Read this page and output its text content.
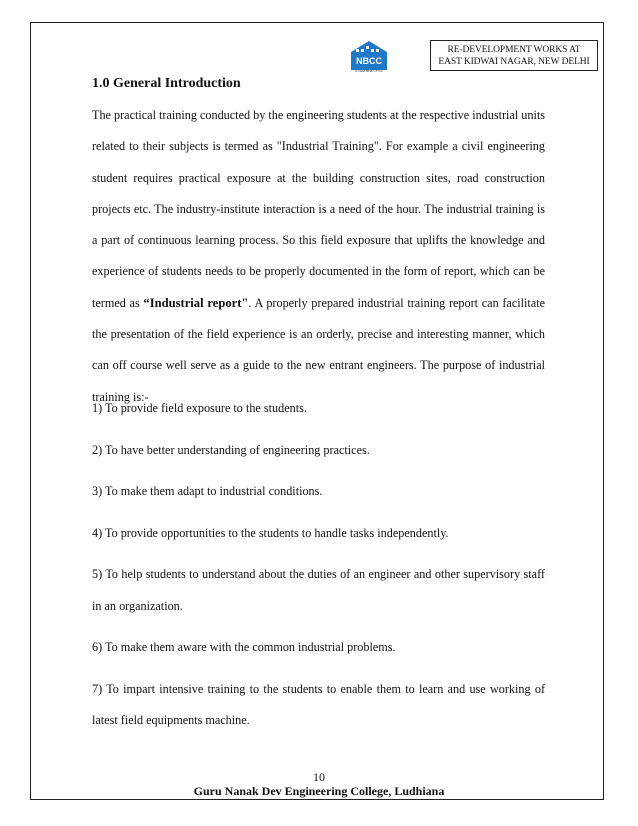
NBCC
A Navratna CPSE
RE-DEVELOPMENT WORKS AT
EAST KIDWAI NAGAR, NEW DELHI
1.0 General Introduction
The practical training conducted by the engineering students at the respective industrial units related to their subjects is termed as "Industrial Training". For example a civil engineering student requires practical exposure at the building construction sites, road construction projects etc. The industry-institute interaction is a need of the hour. The industrial training is a part of continuous learning process. So this field exposure that uplifts the knowledge and experience of students needs to be properly documented in the form of report, which can be termed as “Industrial report". A properly prepared industrial training report can facilitate the presentation of the field experience is an orderly, precise and interesting manner, which can off course well serve as a guide to the new entrant engineers. The purpose of industrial training is:-
1) To provide field exposure to the students.
2) To have better understanding of engineering practices.
3) To make them adapt to industrial conditions.
4) To provide opportunities to the students to handle tasks independently.
5) To help students to understand about the duties of an engineer and other supervisory staff in an organization.
6) To make them aware with the common industrial problems.
7) To impart intensive training to the students to enable them to learn and use working of latest field equipments machine.
10
Guru Nanak Dev Engineering College, Ludhiana
